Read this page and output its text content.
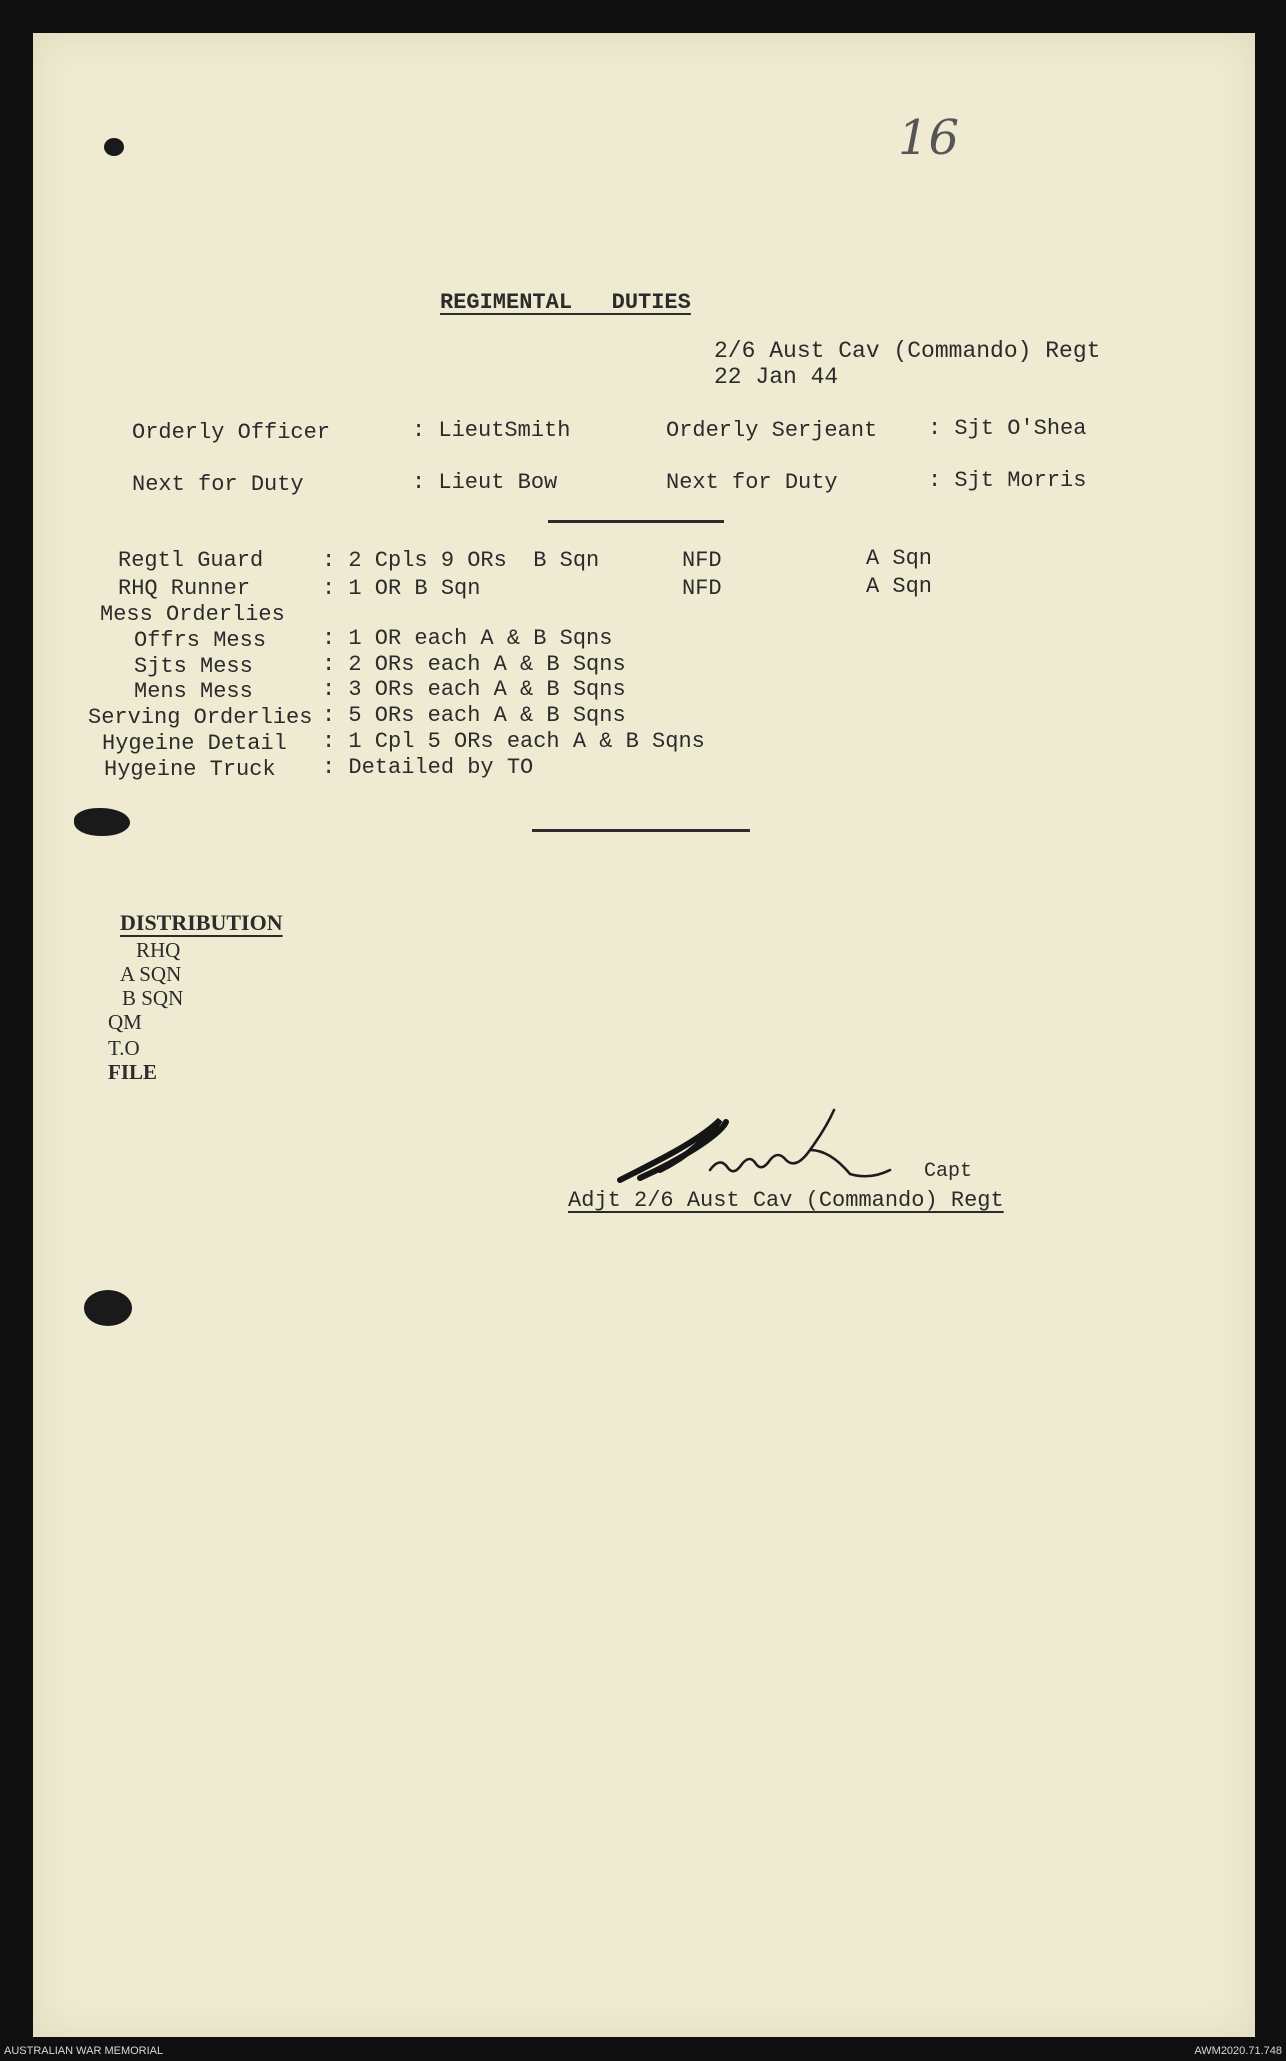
16
REGIMENTAL   DUTIES
2/6 Aust Cav (Commando) Regt
22 Jan 44
Orderly Officer	: LieutSmith	Orderly Serjeant : Sjt O'Shea
Next for Duty	: Lieut Bow	Next for Duty	: Sjt Morris
Regtl Guard	: 2 Cpls 9 ORs  B Sqn	NFD	A Sqn
RHQ Runner	: 1 OR B Sqn	NFD	A Sqn
Mess Orderlies
Offrs Mess	: 1 OR each A & B Sqns
Sjts Mess	: 2 ORs each A & B Sqns
Mens Mess	: 3 ORs each A & B Sqns
Serving Orderlies : 5 ORs each A & B Sqns
Hygeine Detail : 1 Cpl 5 ORs each A & B Sqns
Hygeine Truck : Detailed by TO
DISTRIBUTION
RHQ
A SQN
B SQN
QM
T.O
FILE
Capt
Adjt 2/6 Aust Cav (Commando) Regt
AUSTRALIAN WAR MEMORIAL	AWM2020.71.748
